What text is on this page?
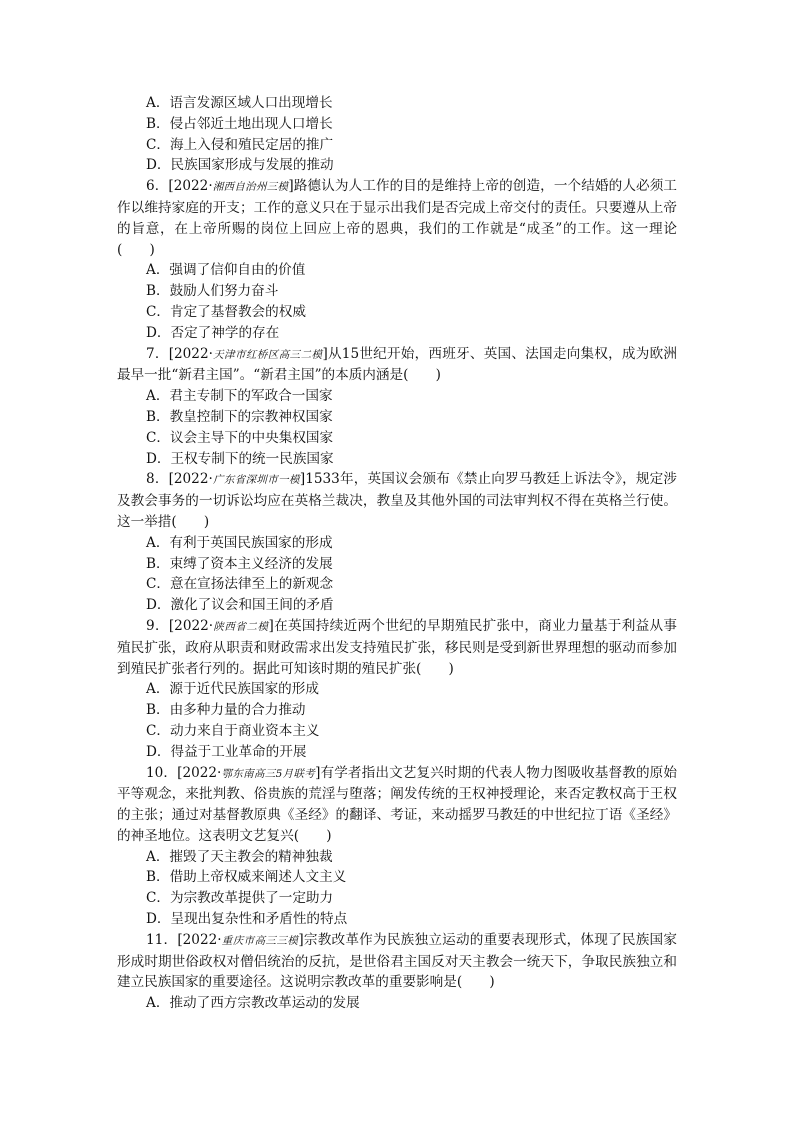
A．语言发源区域人口出现增长
B．侵占邻近土地出现人口增长
C．海上入侵和殖民定居的推广
D．民族国家形成与发展的推动
6．[2022·湘西自治州三模]路德认为人工作的目的是维持上帝的创造，一个结婚的人必须工作以维持家庭的开支；工作的意义只在于显示出我们是否完成上帝交付的责任。只要遵从上帝的旨意，在上帝所赐的岗位上回应上帝的恩典，我们的工作就是“成圣”的工作。这一理论(　　)
A．强调了信仰自由的价值
B．鼓励人们努力奋斗
C．肯定了基督教会的权威
D．否定了神学的存在
7．[2022·天津市红桥区高三二模]从15世纪开始，西班牙、英国、法国走向集权，成为欧洲最早一批“新君主国”。“新君主国”的本质内涵是(　　)
A．君主专制下的军政合一国家
B．教皇控制下的宗教神权国家
C．议会主导下的中央集权国家
D．王权专制下的统一民族国家
8．[2022·广东省深圳市一模]1533年，英国议会颁布《禁止向罗马教廷上诉法令》，规定涉及教会事务的一切诉讼均应在英格兰裁决，教皇及其他外国的司法审判权不得在英格兰行使。这一举措(　　)
A．有利于英国民族国家的形成
B．束缚了资本主义经济的发展
C．意在宣扬法律至上的新观念
D．激化了议会和国王间的矛盾
9．[2022·陕西省二模]在英国持续近两个世纪的早期殖民扩张中，商业力量基于利益从事殖民扩张，政府从职责和财政需求出发支持殖民扩张，移民则是受到新世界理想的驱动而参加到殖民扩张者行列的。据此可知该时期的殖民扩张(　　)
A．源于近代民族国家的形成
B．由多种力量的合力推动
C．动力来自于商业资本主义
D．得益于工业革命的开展
10．[2022·鄂东南高三5月联考]有学者指出文艺复兴时期的代表人物力图吸收基督教的原始平等观念，来批判教、俗贵族的荒淫与堕落；阐发传统的王权神授理论，来否定教权高于王权的主张；通过对基督教原典《圣经》的翻译、考证，来动摇罗马教廷的中世纪拉丁语《圣经》的神圣地位。这表明文艺复兴(　　)
A．摧毁了天主教会的精神独裁
B．借助上帝权威来阐述人文主义
C．为宗教改革提供了一定助力
D．呈现出复杂性和矛盾性的特点
11．[2022·重庆市高三三模]宗教改革作为民族独立运动的重要表现形式，体现了民族国家形成时期世俗政权对僧侣统治的反抗，是世俗君主国反对天主教会一统天下，争取民族独立和建立民族国家的重要途径。这说明宗教改革的重要影响是(　　)
A．推动了西方宗教改革运动的发展
